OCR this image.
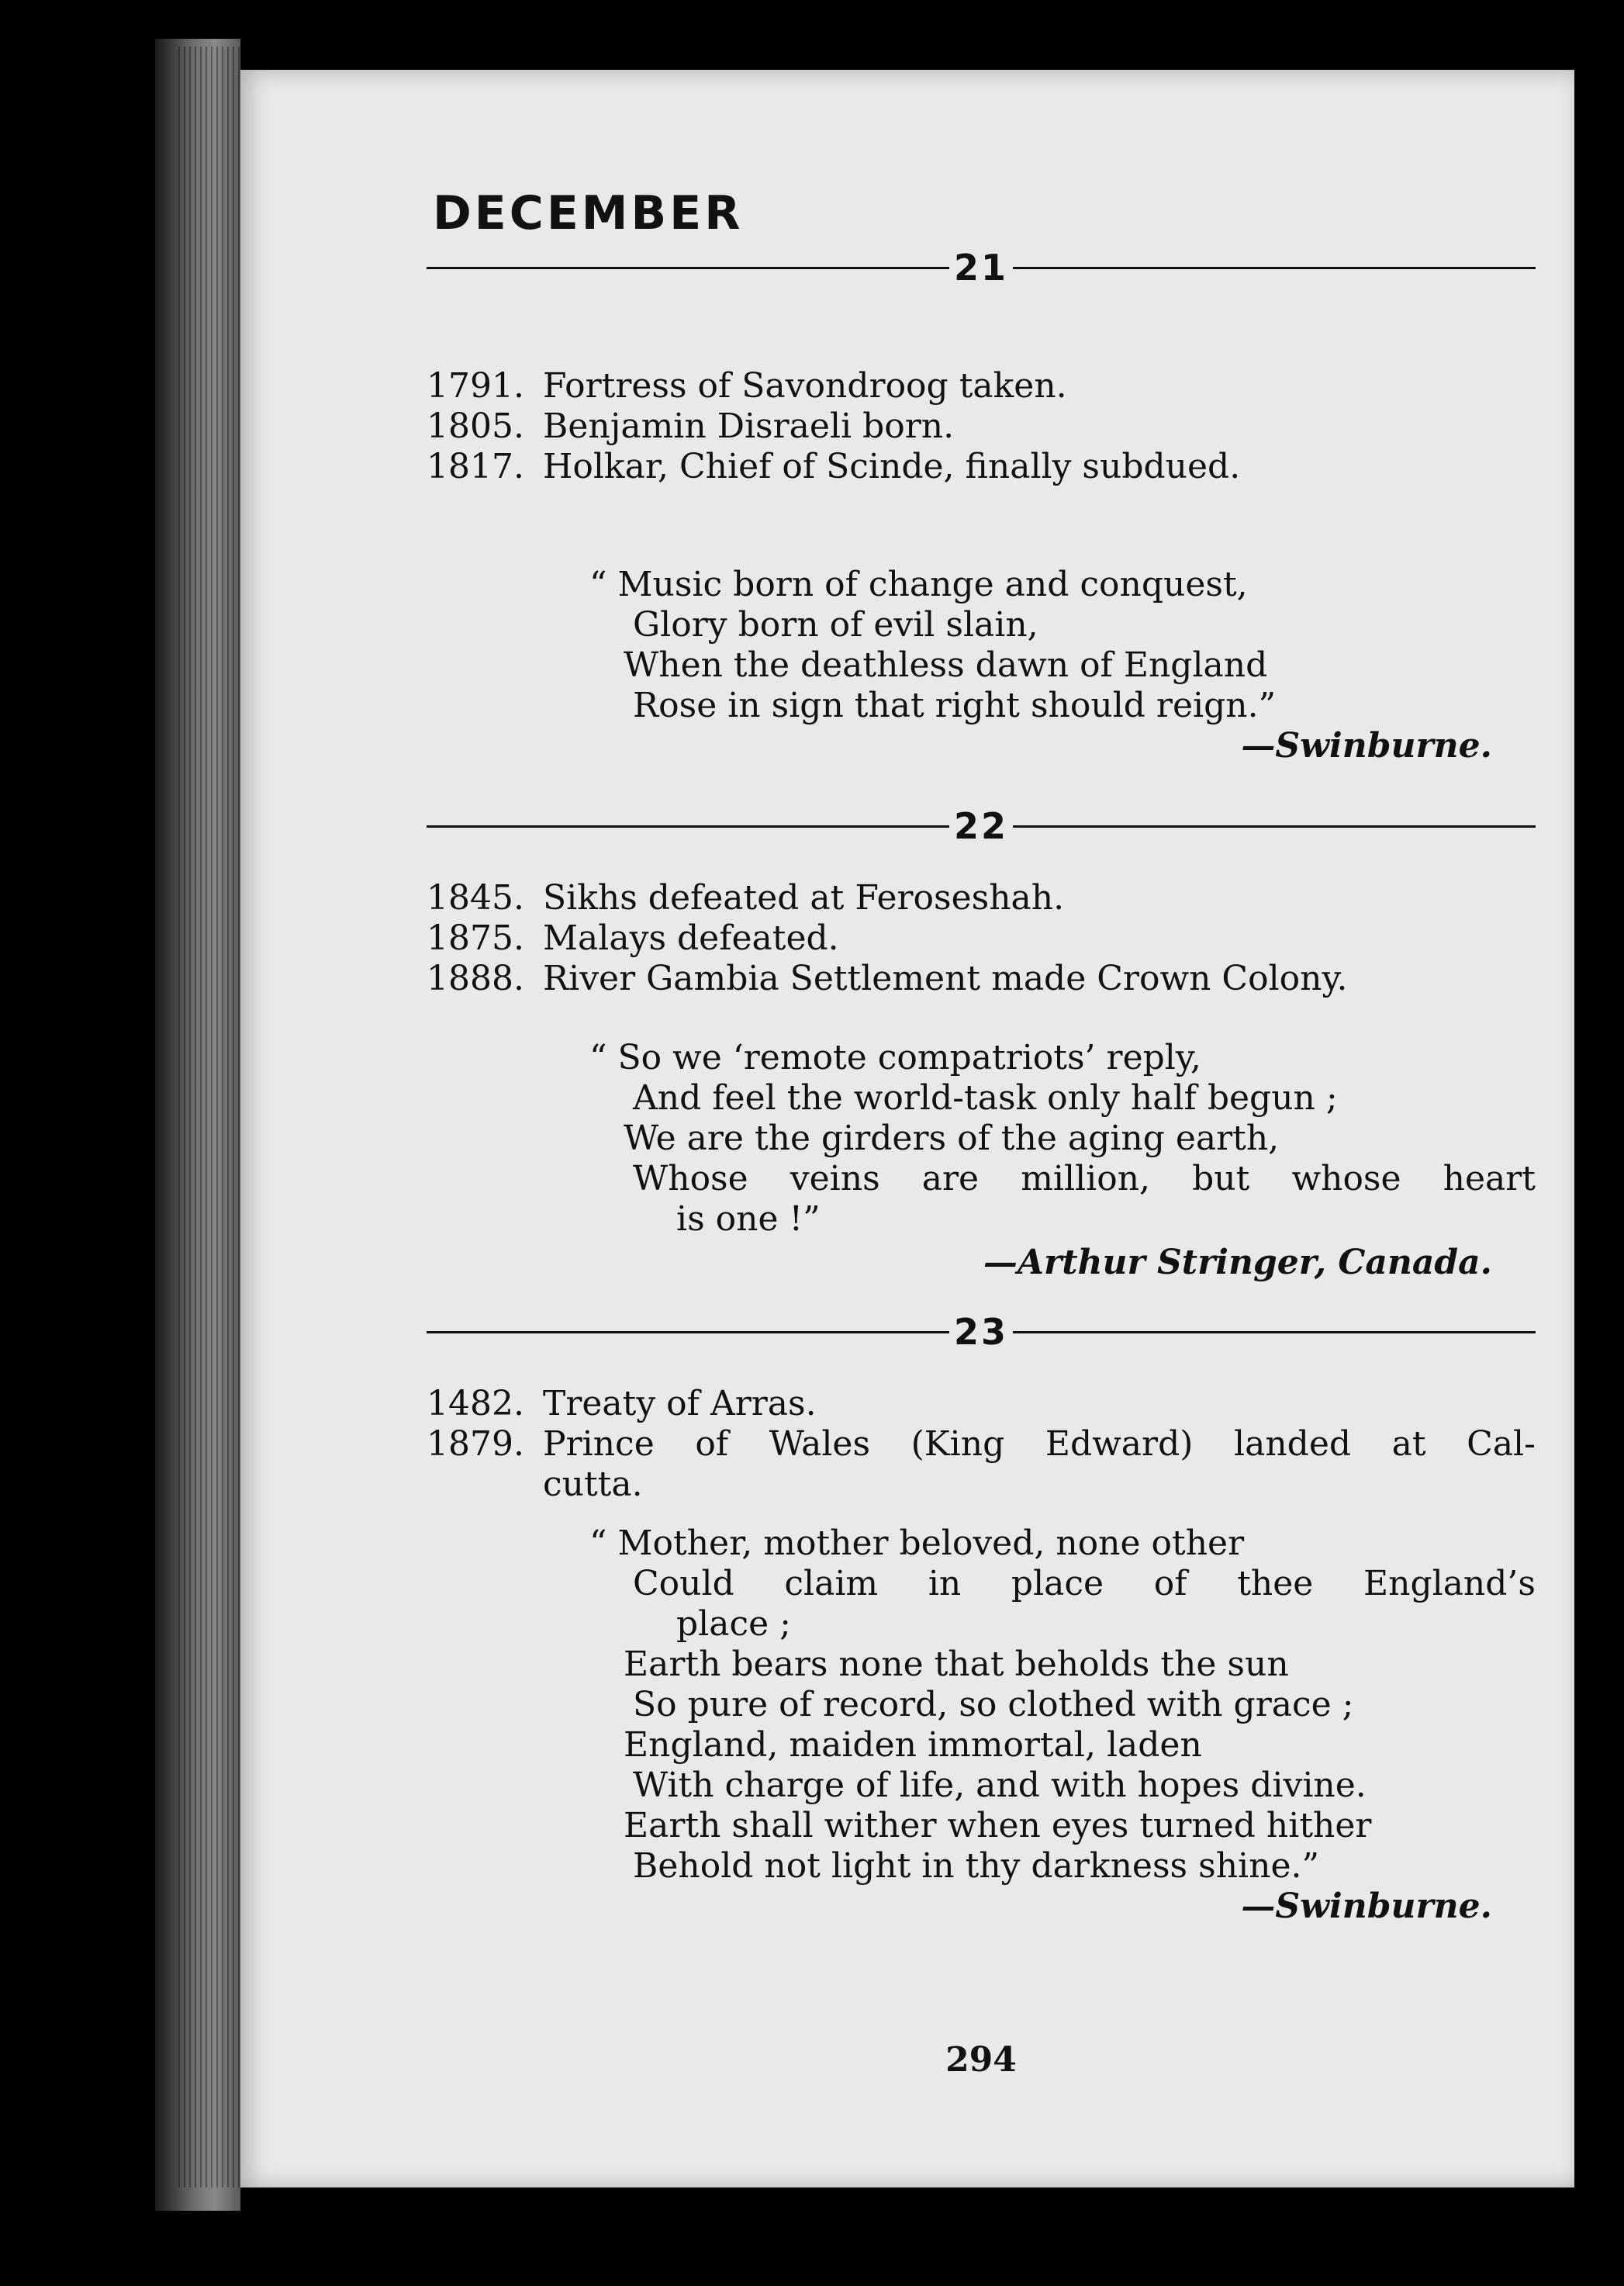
DECEMBER
21
1791. Fortress of Savondroog taken.
1805. Benjamin Disraeli born.
1817. Holkar, Chief of Scinde, finally subdued.
“ Music born of change and conquest,
Glory born of evil slain,
When the deathless dawn of England
Rose in sign that right should reign.”
—Swinburne.
22
1845. Sikhs defeated at Feroseshah.
1875. Malays defeated.
1888. River Gambia Settlement made Crown Colony.
“ So we ‘remote compatriots’ reply,
And feel the world-task only half begun ;
We are the girders of the aging earth,
Whose veins are million, but whose heart
is one !”
—Arthur Stringer, Canada.
23
1482. Treaty of Arras.
1879. Prince of Wales (King Edward) landed at Cal-
cutta.
“ Mother, mother beloved, none other
Could claim in place of thee England’s
place ;
Earth bears none that beholds the sun
So pure of record, so clothed with grace ;
England, maiden immortal, laden
With charge of life, and with hopes divine.
Earth shall wither when eyes turned hither
Behold not light in thy darkness shine.”
—Swinburne.
294
